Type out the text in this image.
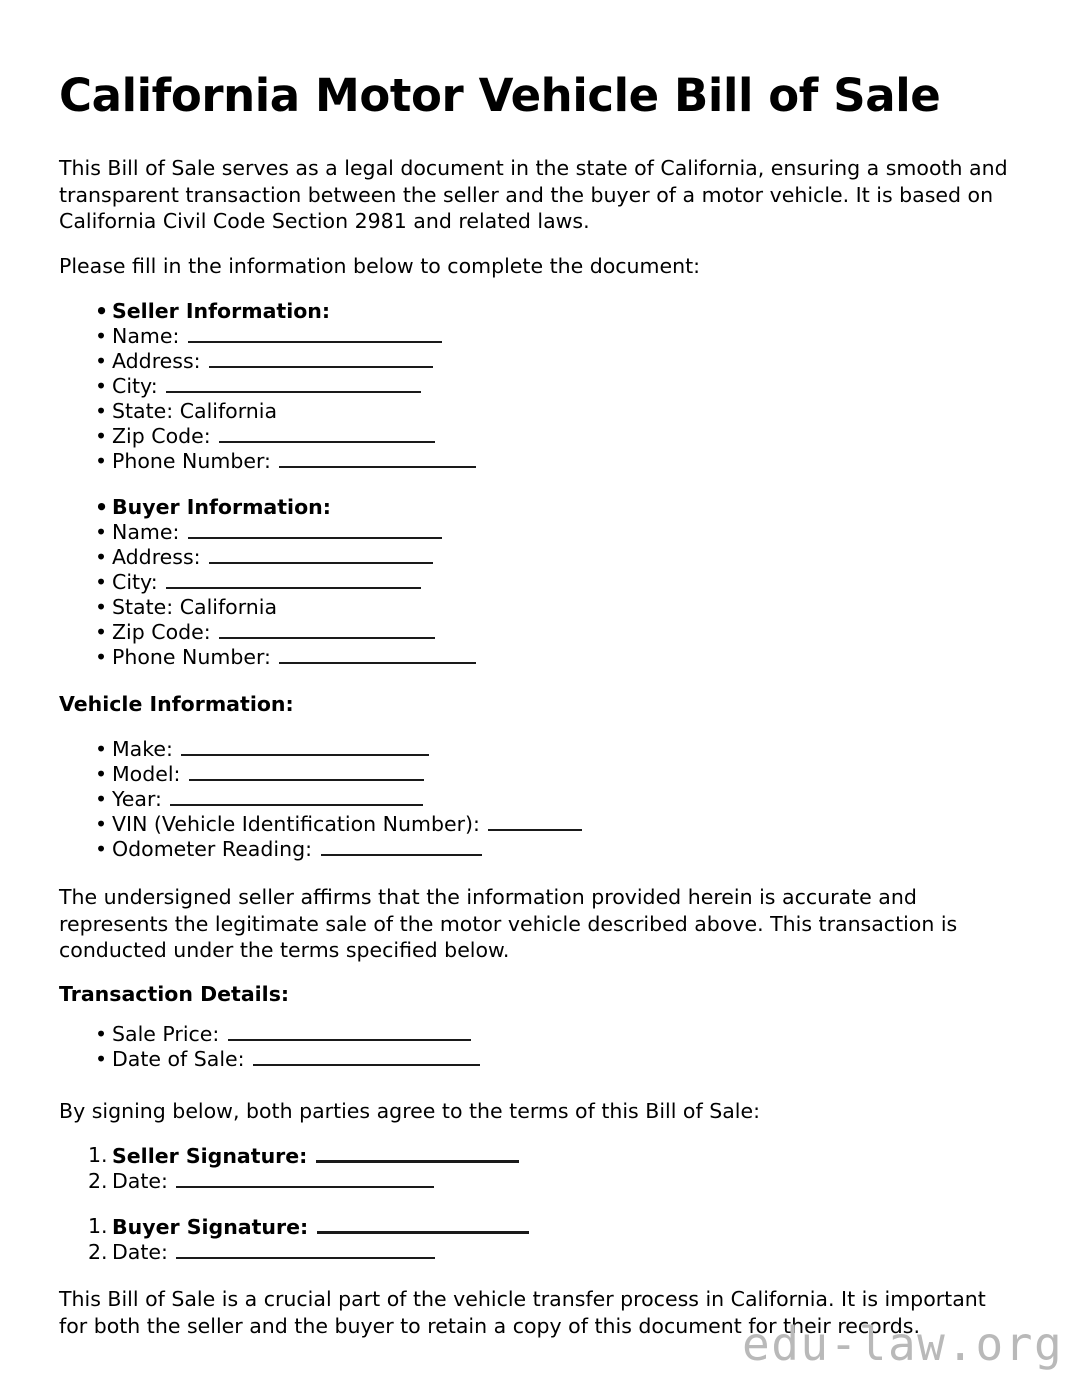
California Motor Vehicle Bill of Sale

This Bill of Sale serves as a legal document in the state of California, ensuring a smooth and transparent transaction between the seller and the buyer of a motor vehicle. It is based on California Civil Code Section 2981 and related laws.

Please fill in the information below to complete the document:

• Seller Information:
• Name:
• Address:
• City:
• State: California
• Zip Code:
• Phone Number:
• Buyer Information:
• Name:
• Address:
• City:
• State: California
• Zip Code:
• Phone Number:
Vehicle Information:
• Make:
• Model:
• Year:
• VIN (Vehicle Identification Number):
• Odometer Reading:

The undersigned seller affirms that the information provided herein is accurate and represents the legitimate sale of the motor vehicle described above. This transaction is conducted under the terms specified below.

Transaction Details:
• Sale Price:
• Date of Sale:

By signing below, both parties agree to the terms of this Bill of Sale:

1. Seller Signature:
2. Date:
1. Buyer Signature:
2. Date:

This Bill of Sale is a crucial part of the vehicle transfer process in California. It is important for both the seller and the buyer to retain a copy of this document for their records.

edu-law.org
